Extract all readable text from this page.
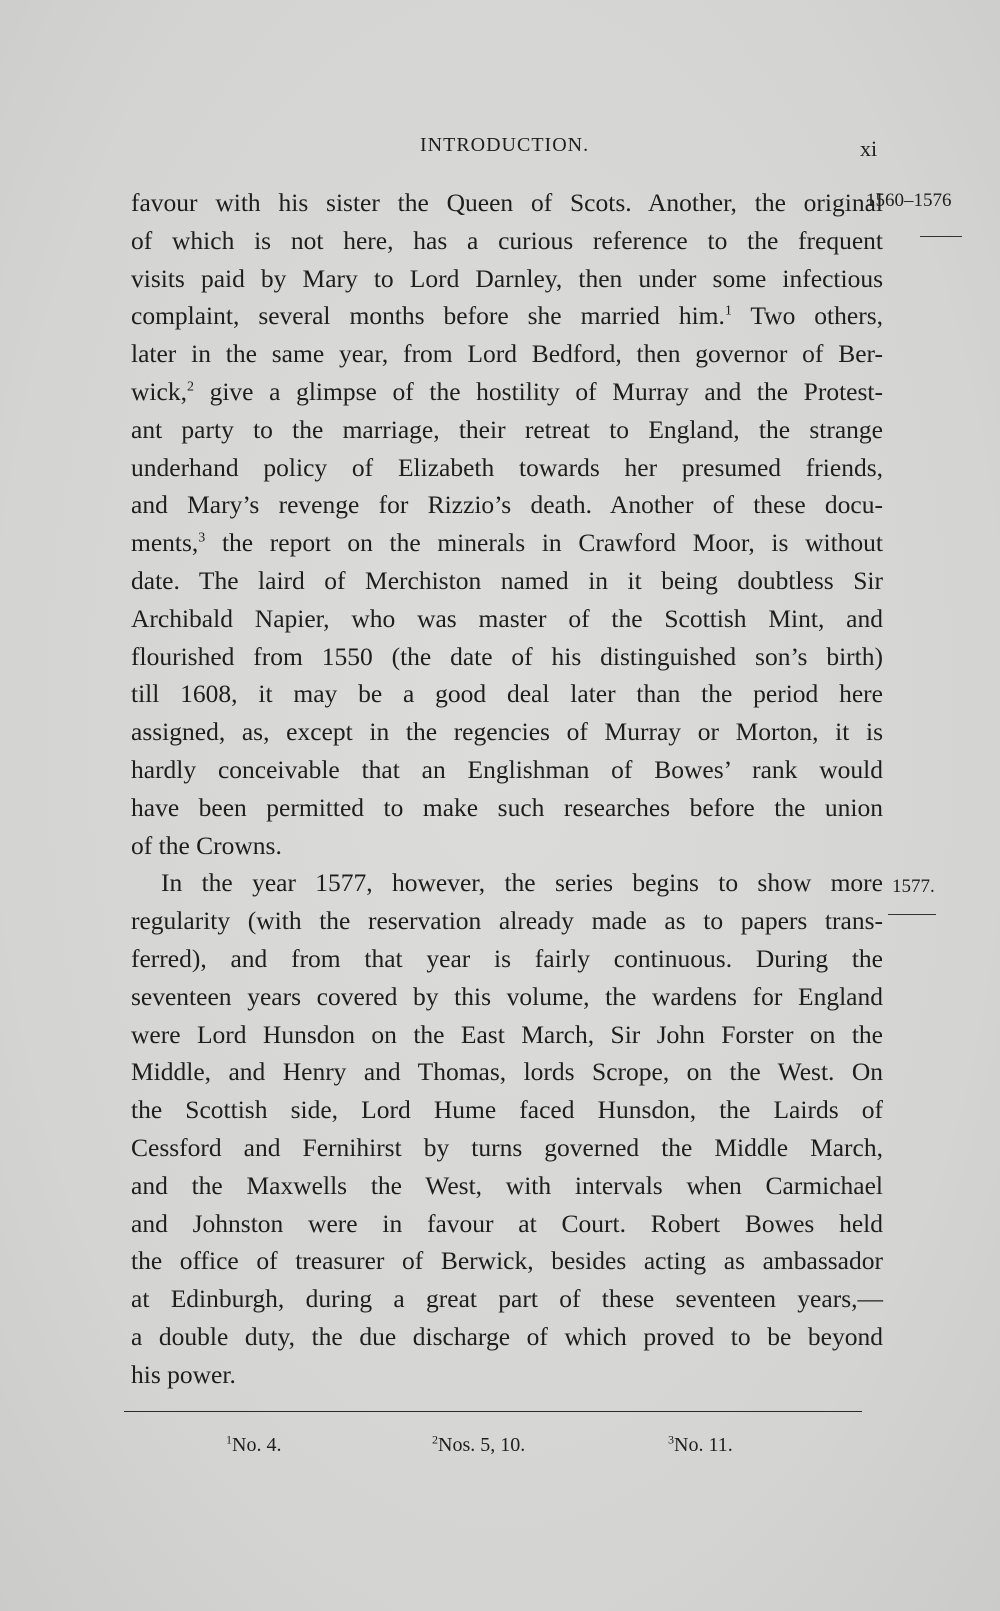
INTRODUCTION.	xi
favour with his sister the Queen of Scots. Another, the original
of which is not here, has a curious reference to the frequent
visits paid by Mary to Lord Darnley, then under some infectious
complaint, several months before she married him.$^1$ Two others,
later in the same year, from Lord Bedford, then governor of Ber-
wick,$^2$ give a glimpse of the hostility of Murray and the Protest-
ant party to the marriage, their retreat to England, the strange
underhand policy of Elizabeth towards her presumed friends,
and Mary’s revenge for Rizzio’s death. Another of these docu-
ments,$^3$ the report on the minerals in Crawford Moor, is without
date. The laird of Merchiston named in it being doubtless Sir
Archibald Napier, who was master of the Scottish Mint, and
flourished from 1550 (the date of his distinguished son’s birth)
till 1608, it may be a good deal later than the period here
assigned, as, except in the regencies of Murray or Morton, it is
hardly conceivable that an Englishman of Bowes’ rank would
have been permitted to make such researches before the union
of the Crowns.
In the year 1577, however, the series begins to show more
regularity (with the reservation already made as to papers trans-
ferred), and from that year is fairly continuous. During the
seventeen years covered by this volume, the wardens for England
were Lord Hunsdon on the East March, Sir John Forster on the
Middle, and Henry and Thomas, lords Scrope, on the West. On
the Scottish side, Lord Hume faced Hunsdon, the Lairds of
Cessford and Fernihirst by turns governed the Middle March,
and the Maxwells the West, with intervals when Carmichael
and Johnston were in favour at Court. Robert Bowes held
the office of treasurer of Berwick, besides acting as ambassador
at Edinburgh, during a great part of these seventeen years,—
a double duty, the due discharge of which proved to be beyond
his power.
1560–1576
1577.
$^1$No. 4.	$^2$Nos. 5, 10.	$^3$No. 11.
